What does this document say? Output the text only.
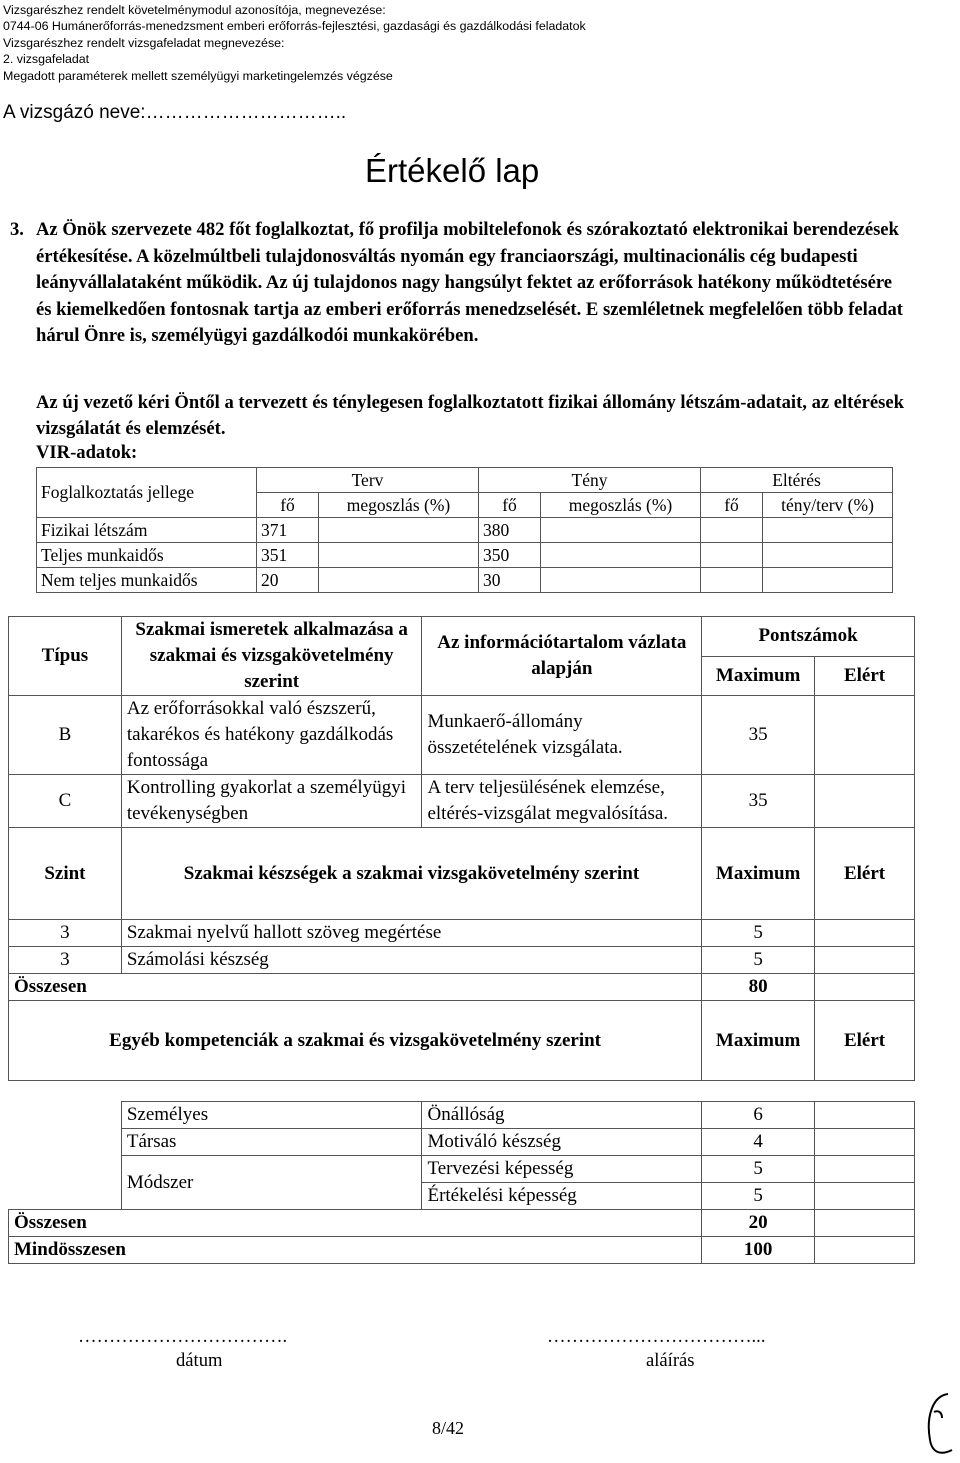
Vizsgarészhez rendelt követelménymodul azonosítója, megnevezése:
0744-06 Humánerőforrás-menedzsment emberi erőforrás-fejlesztési, gazdasági és gazdálkodási feladatok
Vizsgarészhez rendelt vizsgafeladat megnevezése:
2. vizsgafeladat
Megadott paraméterek mellett személyügyi marketingelemzés végzése
A vizsgázó neve:…………………………..
Értékelő lap
3. Az Önök szervezete 482 főt foglalkoztat, fő profilja mobiltelefonok és szórakoztató elektronikai berendezések értékesítése. A közelmúltbeli tulajdonosváltás nyomán egy franciaországi, multinacionális cég budapesti leányvállalataként működik. Az új tulajdonos nagy hangsúlyt fektet az erőforrások hatékony működtetésére és kiemelkedően fontosnak tartja az emberi erőforrás menedzselését. E szemléletnek megfelelően több feladat hárul Önre is, személyügyi gazdálkodói munkakörében.
Az új vezető kéri Öntől a tervezett és ténylegesen foglalkoztatott fizikai állomány létszám-adatait, az eltérések vizsgálatát és elemzését.
VIR-adatok:
Foglalkoztatás jellege	Terv		Tény		Eltérés	
	fő	megoszlás (%)	fő	megoszlás (%)	fő	tény/terv (%)
Fizikai létszám	371		380			
Teljes munkaidős	351		350			
Nem teljes munkaidős	20		30			
Típus	Szakmai ismeretek alkalmazása a szakmai és vizsgakövetelmény szerint	Az információtartalom vázlata alapján	Pontszámok	
			Maximum	Elért
B	Az erőforrásokkal való észszerű, takarékos és hatékony gazdálkodás fontossága	Munkaerő-állomány összetételének vizsgálata.	35	
C	Kontrolling gyakorlat a személyügyi tevékenységben	A terv teljesülésének elemzése, eltérés-vizsgálat megvalósítása.	35	
Szint	Szakmai készségek a szakmai vizsgakövetelmény szerint		Maximum	Elért
3	Szakmai nyelvű hallott szöveg megértése		5	
3	Számolási készség		5	
Összesen			80	
Egyéb kompetenciák a szakmai és vizsgakövetelmény szerint			Maximum	Elért

	Személyes	Önállóság	6	
	Társas	Motiváló készség	4	
	Módszer	Tervezési képesség	5	
		Értékelési képesség	5	
Összesen			20	
Mindösszesen			100	
…………………………….
dátum
……………………………...
aláírás
8/42
